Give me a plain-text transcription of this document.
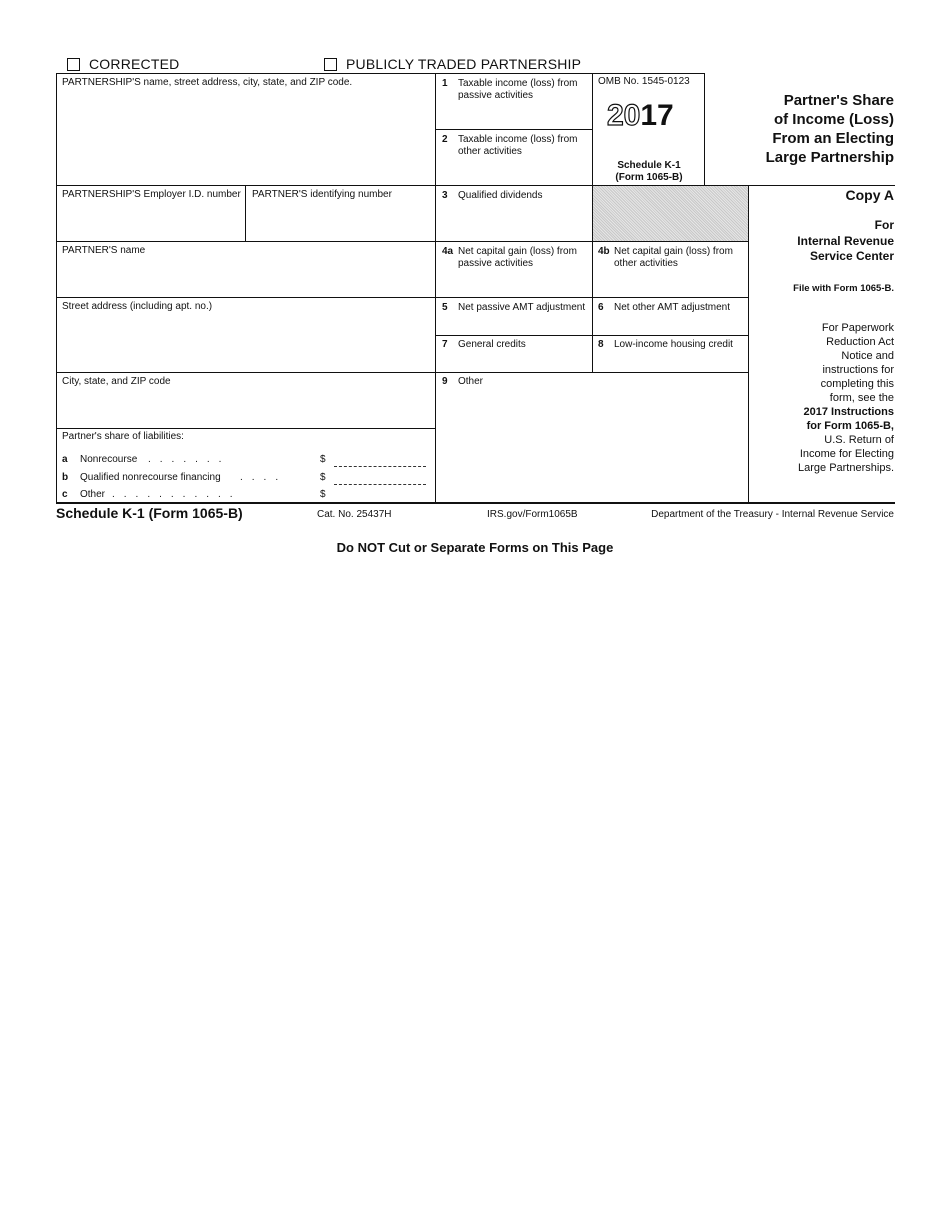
CORRECTED	PUBLICLY TRADED PARTNERSHIP
PARTNERSHIP'S name, street address, city, state, and ZIP code.
PARTNERSHIP'S Employer I.D. number	PARTNER'S identifying number
PARTNER'S name
Street address (including apt. no.)
City, state, and ZIP code
Partner's share of liabilities:
a Nonrecourse .......	$
b Qualified nonrecourse financing ....	$
c Other ...........	$
1 Taxable income (loss) from passive activities
2 Taxable income (loss) from other activities
OMB No. 1545-0123
2017
Schedule K-1
(Form 1065-B)
3 Qualified dividends
4a Net capital gain (loss) from passive activities
4b Net capital gain (loss) from other activities
5 Net passive AMT adjustment	6 Net other AMT adjustment
7 General credits	8 Low-income housing credit
9 Other
Partner's Share
of Income (Loss)
From an Electing
Large Partnership
Copy A
For
Internal Revenue
Service Center
File with Form 1065-B.
For Paperwork
Reduction Act
Notice and
instructions for
completing this
form, see the
2017 Instructions
for Form 1065-B,
U.S. Return of
Income for Electing
Large Partnerships.
Schedule K-1 (Form 1065-B)	Cat. No. 25437H	IRS.gov/Form1065B	Department of the Treasury - Internal Revenue Service
Do NOT Cut or Separate Forms on This Page
